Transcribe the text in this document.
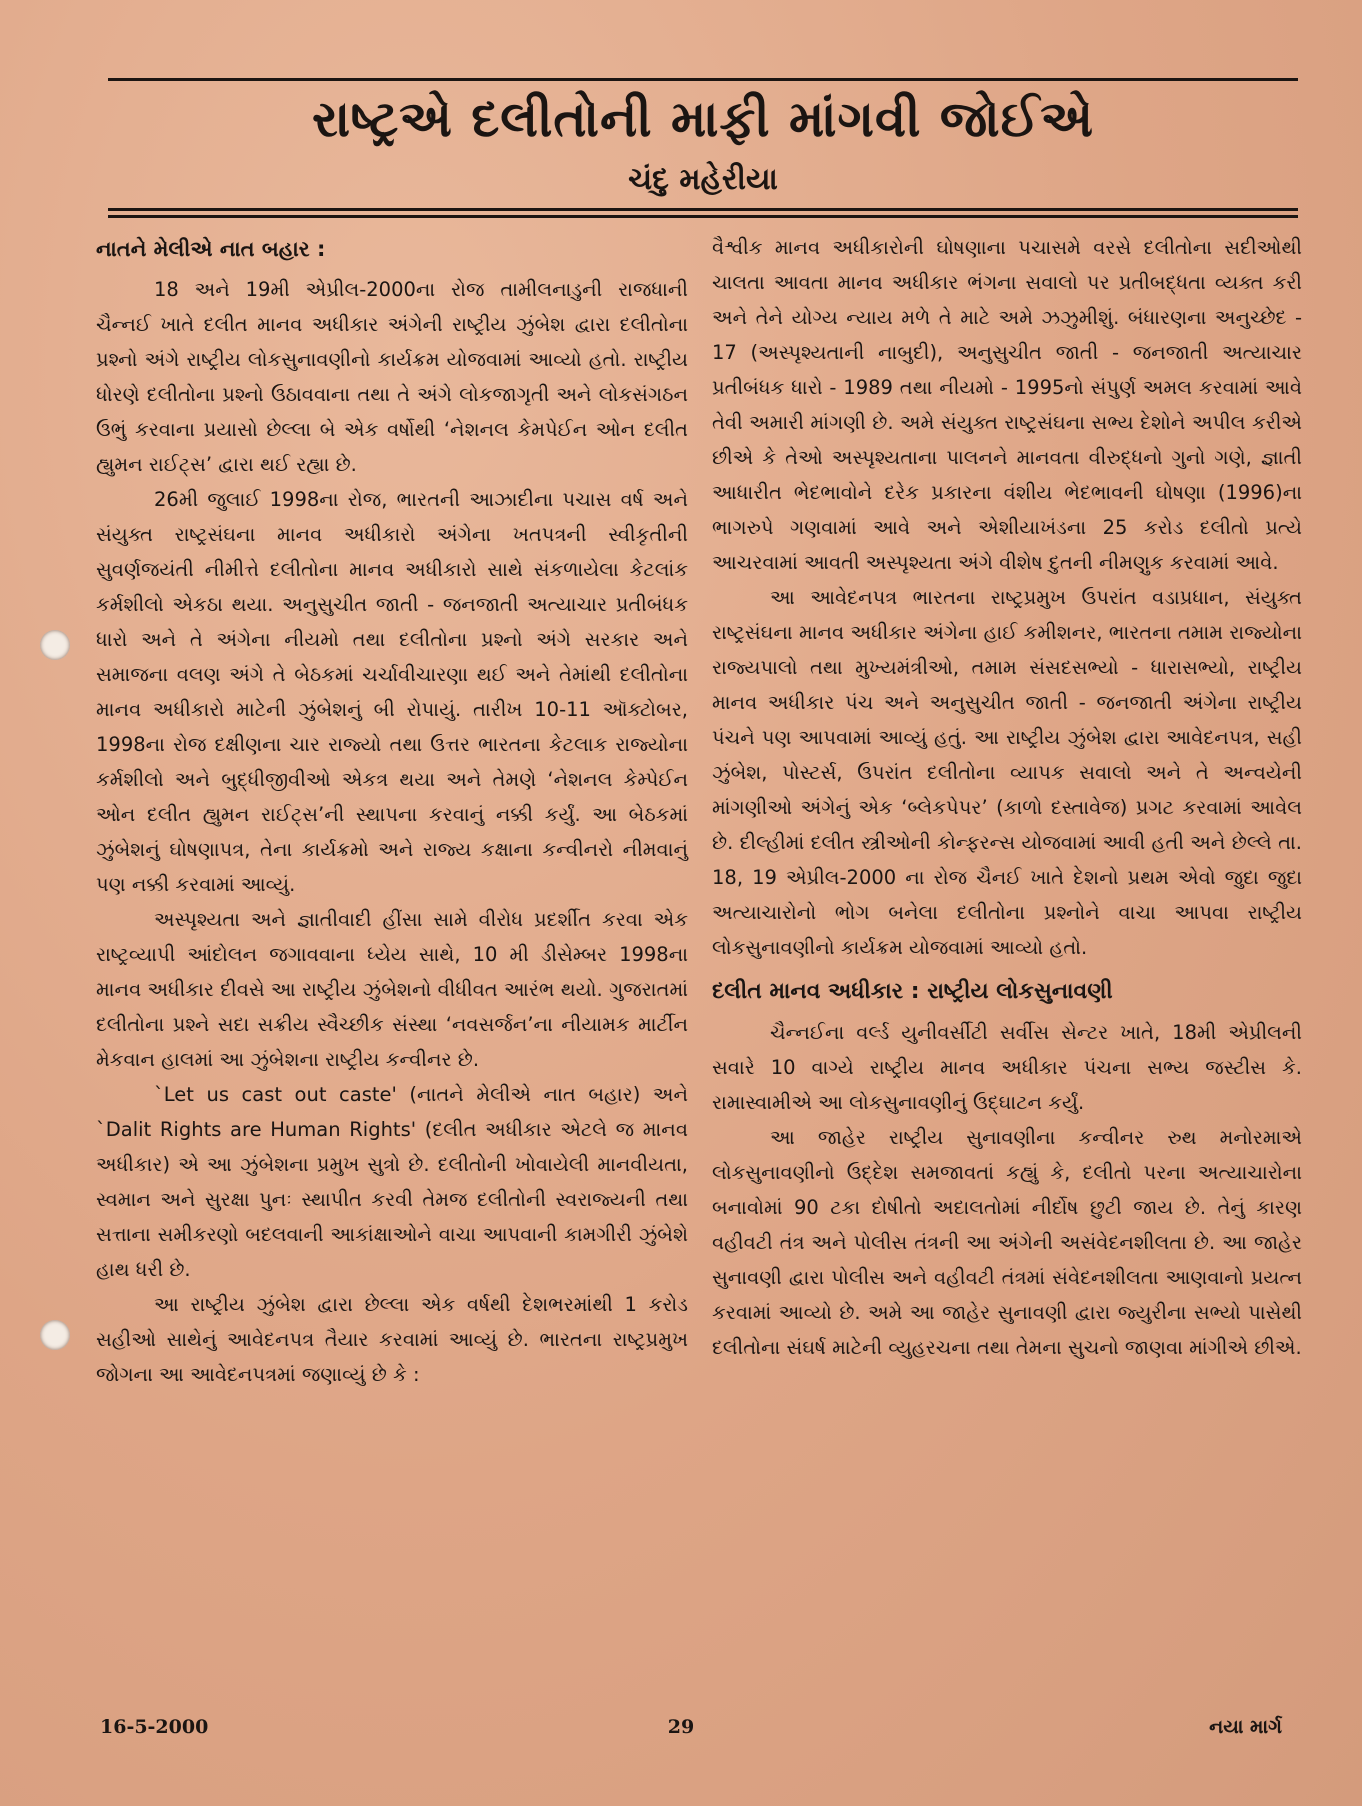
રાષ્ટ્રએ દલીતોની માફી માંગવી જોઈએ
ચંદુ મહેરીયા
નાતને મેલીએ નાત બહાર :

18 અને 19મી એપ્રીલ-2000ના રોજ તામીલનાડુની રાજધાની ચૈન્નઈ ખાતે દલીત માનવ અધીકાર અંગેની રાષ્ટ્રીય ઝુંબેશ દ્વારા દલીતોના પ્રશ્નો અંગે રાષ્ટ્રીય લોકસુનાવણીનો કાર્યક્રમ યોજવામાં આવ્યો હતો. રાષ્ટ્રીય ધોરણે દલીતોના પ્રશ્નો ઉઠાવવાના તથા તે અંગે લોકજાગૃતી અને લોકસંગઠન ઉભું કરવાના પ્રયાસો છેલ્લા બે એક વર્ષોથી ‘નેશનલ કેમપેઈન ઓન દલીત હ્યુમન રાઈટ્સ’ દ્વારા થઈ રહ્યા છે.

26મી જુલાઈ 1998ના રોજ, ભારતની આઝાદીના પચાસ વર્ષ અને સંયુક્ત રાષ્ટ્રસંઘના માનવ અધીકારો અંગેના ખતપત્રની સ્વીકૃતીની સુવર્ણજયંતી નીમીત્તે દલીતોના માનવ અધીકારો સાથે સંકળાયેલા કેટલાંક કર્મશીલો એકઠા થયા. અનુસુચીત જાતી - જનજાતી અત્યાચાર પ્રતીબંધક ધારો અને તે અંગેના નીયમો તથા દલીતોના પ્રશ્નો અંગે સરકાર અને સમાજના વલણ અંગે તે બેઠકમાં ચર્ચાવીચારણા થઈ અને તેમાંથી દલીતોના માનવ અધીકારો માટેની ઝુંબેશનું બી રોપાયું. તારીખ 10-11 ઑક્ટોબર, 1998ના રોજ દક્ષીણના ચાર રાજ્યો તથા ઉત્તર ભારતના કેટલાક રાજ્યોના કર્મશીલો અને બુદ્ધીજીવીઓ એકત્ર થયા અને તેમણે ‘નેશનલ કેમ્પેઈન ઓન દલીત હ્યુમન રાઈટ્સ’ની સ્થાપના કરવાનું નક્કી કર્યું. આ બેઠકમાં ઝુંબેશનું ઘોષણાપત્ર, તેના કાર્યક્રમો અને રાજ્ય કક્ષાના કન્વીનરો નીમવાનું પણ નક્કી કરવામાં આવ્યું.

અસ્પૃશ્યતા અને જ્ઞાતીવાદી હીંસા સામે વીરોધ પ્રદર્શીત કરવા એક રાષ્ટ્રવ્યાપી આંદોલન જગાવવાના ધ્યેય સાથે, 10 મી ડીસેમ્બર 1998ના માનવ અધીકાર દીવસે આ રાષ્ટ્રીય ઝુંબેશનો વીધીવત આરંભ થયો. ગુજરાતમાં દલીતોના પ્રશ્ને સદા સક્રીય સ્વૈચ્છીક સંસ્થા ‘નવસર્જન’ના નીયામક માર્ટીન મેકવાન હાલમાં આ ઝુંબેશના રાષ્ટ્રીય કન્વીનર છે.

`Let us cast out caste' (નાતને મેલીએ નાત બહાર) અને `Dalit Rights are Human Rights' (દલીત અધીકાર એટલે જ માનવ અધીકાર) એ આ ઝુંબેશના પ્રમુખ સુત્રો છે. દલીતોની ખોવાયેલી માનવીયતા, સ્વમાન અને સુરક્ષા પુનઃ સ્થાપીત કરવી તેમજ દલીતોની સ્વરાજ્યની તથા સત્તાના સમીકરણો બદલવાની આકાંક્ષાઓને વાચા આપવાની કામગીરી ઝુંબેશે હાથ ધરી છે.

આ રાષ્ટ્રીય ઝુંબેશ દ્વારા છેલ્લા એક વર્ષથી દેશભરમાંથી 1 કરોડ સહીઓ સાથેનું આવેદનપત્ર તૈયાર કરવામાં આવ્યું છે. ભારતના રાષ્ટ્રપ્રમુખ જોગના આ આવેદનપત્રમાં જણાવ્યું છે કે :

વૈશ્વીક માનવ અધીકારોની ઘોષણાના પચાસમે વરસે દલીતોના સદીઓથી ચાલતા આવતા માનવ અધીકાર ભંગના સવાલો પર પ્રતીબદ્ધતા વ્યક્ત કરી અને તેને યોગ્ય ન્યાય મળે તે માટે અમે ઝઝુમીશું. બંધારણના અનુચ્છેદ - 17 (અસ્પૃશ્યતાની નાબુદી), અનુસુચીત જાતી - જનજાતી અત્યાચાર પ્રતીબંધક ધારો - 1989 તથા નીયમો - 1995નો સંપુર્ણ અમલ કરવામાં આવે તેવી અમારી માંગણી છે. અમે સંયુક્ત રાષ્ટ્રસંઘના સભ્ય દેશોને અપીલ કરીએ છીએ કે તેઓ અસ્પૃશ્યતાના પાલનને માનવતા વીરુદ્ધનો ગુનો ગણે, જ્ઞાતી આધારીત ભેદભાવોને દરેક પ્રકારના વંશીય ભેદભાવની ઘોષણા (1996)ના ભાગરુપે ગણવામાં આવે અને એશીયાખંડના 25 કરોડ દલીતો પ્રત્યે આચરવામાં આવતી અસ્પૃશ્યતા અંગે વીશેષ દુતની નીમણુક કરવામાં આવે.

આ આવેદનપત્ર ભારતના રાષ્ટ્રપ્રમુખ ઉપરાંત વડાપ્રધાન, સંયુક્ત રાષ્ટ્રસંઘના માનવ અધીકાર અંગેના હાઈ કમીશનર, ભારતના તમામ રાજ્યોના રાજ્યપાલો તથા મુખ્યમંત્રીઓ, તમામ સંસદસભ્યો - ધારાસભ્યો, રાષ્ટ્રીય માનવ અધીકાર પંચ અને અનુસુચીત જાતી - જનજાતી અંગેના રાષ્ટ્રીય પંચને પણ આપવામાં આવ્યું હતું. આ રાષ્ટ્રીય ઝુંબેશ દ્વારા આવેદનપત્ર, સહી ઝુંબેશ, પોસ્ટર્સ, ઉપરાંત દલીતોના વ્યાપક સવાલો અને તે અન્વયેની માંગણીઓ અંગેનું એક ‘બ્લેકપેપર’ (કાળો દસ્તાવેજ) પ્રગટ કરવામાં આવેલ છે. દીલ્હીમાં દલીત સ્ત્રીઓની કોન્ફરન્સ યોજવામાં આવી હતી અને છેલ્લે તા. 18, 19 એપ્રીલ-2000 ના રોજ ચૈનઈ ખાતે દેશનો પ્રથમ એવો જુદા જુદા અત્યાચારોનો ભોગ બનેલા દલીતોના પ્રશ્નોને વાચા આપવા રાષ્ટ્રીય લોકસુનાવણીનો કાર્યક્રમ યોજવામાં આવ્યો હતો.

દલીત માનવ અધીકાર : રાષ્ટ્રીય લોકસુનાવણી

ચૈન્નઈના વર્લ્ડ યુનીવર્સીટી સર્વીસ સેન્ટર ખાતે, 18મી એપ્રીલની સવારે 10 વાગ્યે રાષ્ટ્રીય માનવ અધીકાર પંચના સભ્ય જસ્ટીસ કે. રામાસ્વામીએ આ લોકસુનાવણીનું ઉદ્ઘાટન કર્યું.

આ જાહેર રાષ્ટ્રીય સુનાવણીના કન્વીનર રુથ મનોરમાએ લોકસુનાવણીનો ઉદ્દેશ સમજાવતાં કહ્યું કે, દલીતો પરના અત્યાચારોના બનાવોમાં 90 ટકા દોષીતો અદાલતોમાં નીર્દોષ છુટી જાય છે. તેનું કારણ વહીવટી તંત્ર અને પોલીસ તંત્રની આ અંગેની અસંવેદનશીલતા છે. આ જાહેર સુનાવણી દ્વારા પોલીસ અને વહીવટી તંત્રમાં સંવેદનશીલતા આણવાનો પ્રયત્ન કરવામાં આવ્યો છે. અમે આ જાહેર સુનાવણી દ્વારા જ્યુરીના સભ્યો પાસેથી દલીતોના સંઘર્ષ માટેની વ્યુહરચના તથા તેમના સુચનો જાણવા માંગીએ છીએ.

16-5-2000	29	નયા માર્ગ
